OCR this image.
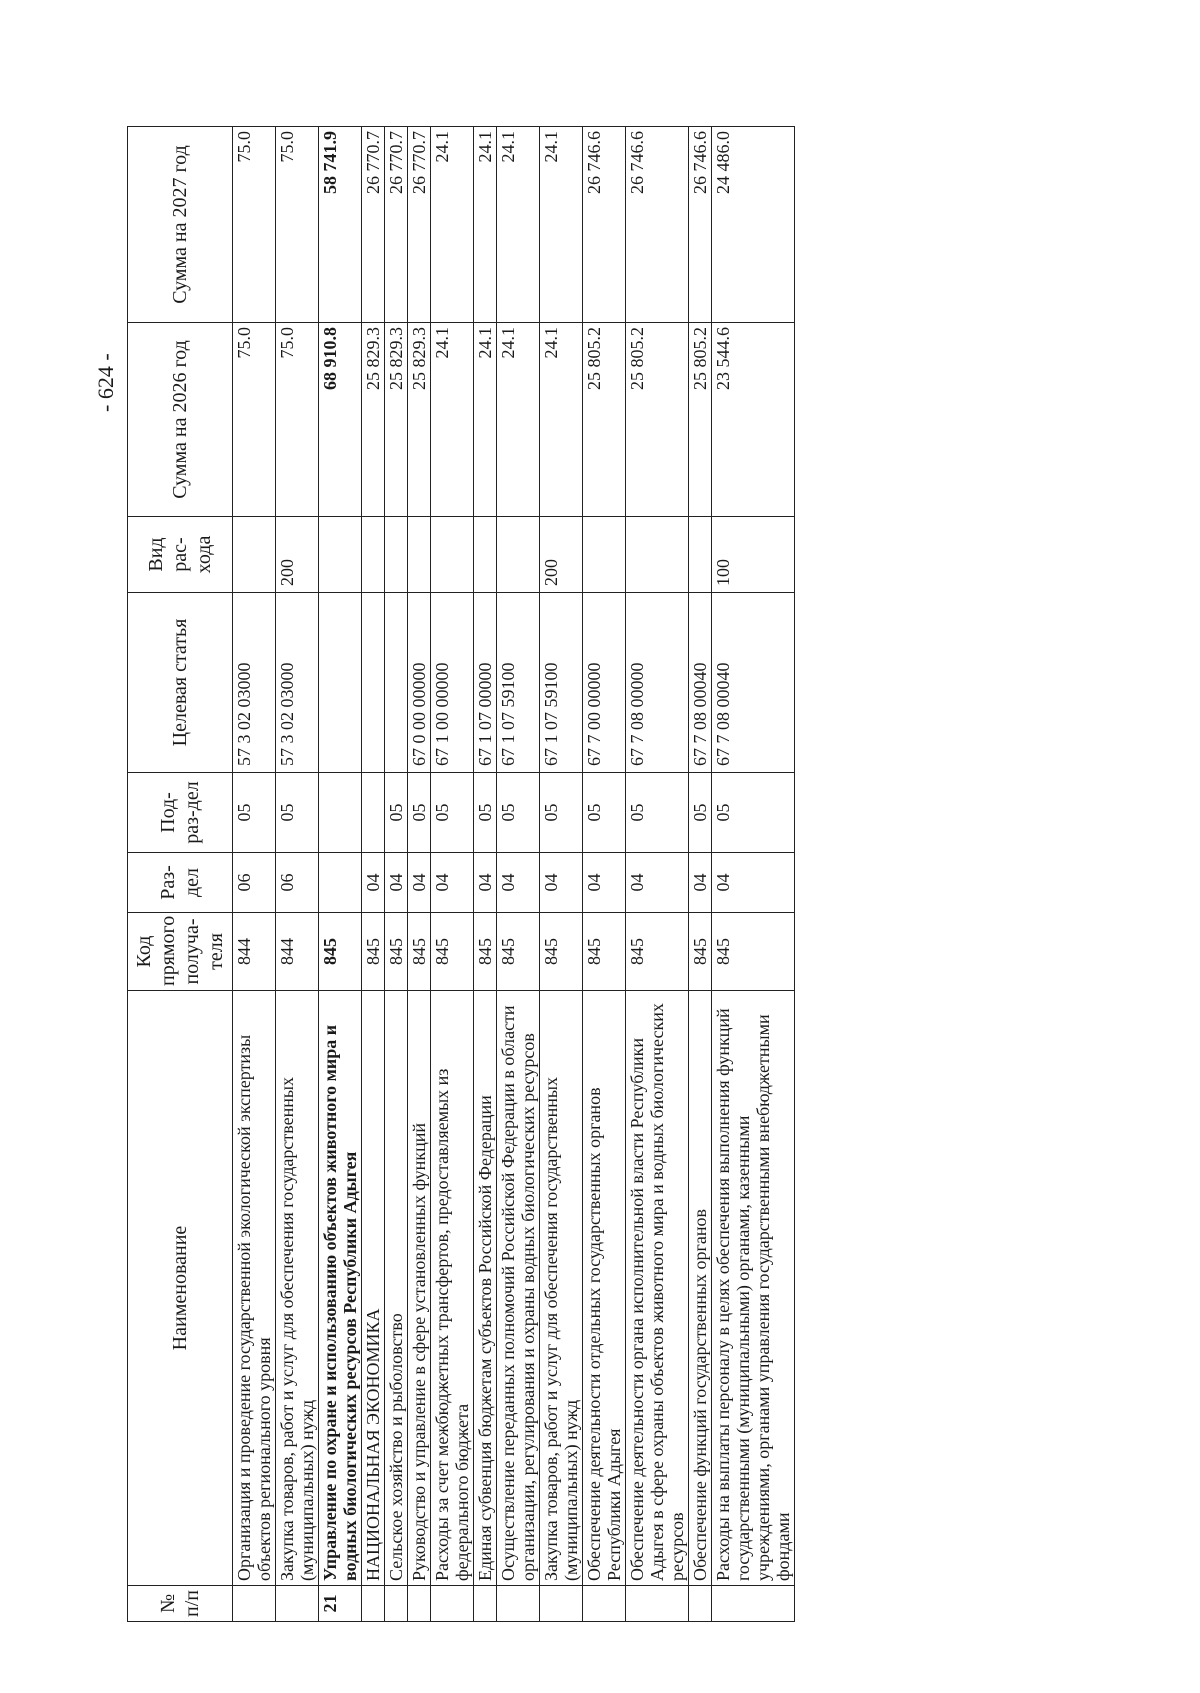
- 624 -
№ п/п	Наименование	Код прямого получа-теля	Раз-дел	Под-раз-дел	Целевая статья	Вид рас-хода	Сумма на 2026 год	Сумма на 2027 год
	Организация и проведение государственной экологической экспертизы объектов регионального уровня	844	06	05	57 3 02 03000		75.0	75.0
	Закупка товаров, работ и услуг для обеспечения государственных (муниципальных) нужд	844	06	05	57 3 02 03000	200	75.0	75.0
21	Управление по охране и использованию объектов животного мира и водных биологических ресурсов Республики Адыгея	845					68 910.8	58 741.9
	НАЦИОНАЛЬНАЯ ЭКОНОМИКА	845	04				25 829.3	26 770.7
	Сельское хозяйство и рыболовство	845	04	05			25 829.3	26 770.7
	Руководство и управление в сфере установленных функций	845	04	05	67 0 00 00000		25 829.3	26 770.7
	Расходы за счет межбюджетных трансфертов, предоставляемых из федерального бюджета	845	04	05	67 1 00 00000		24.1	24.1
	Единая субвенция бюджетам субъектов Российской Федерации	845	04	05	67 1 07 00000		24.1	24.1
	Осуществление переданных полномочий Российской Федерации в области организации, регулирования и охраны водных биологических ресурсов	845	04	05	67 1 07 59100		24.1	24.1
	Закупка товаров, работ и услуг для обеспечения государственных (муниципальных) нужд	845	04	05	67 1 07 59100	200	24.1	24.1
	Обеспечение деятельности отдельных государственных органов Республики Адыгея	845	04	05	67 7 00 00000		25 805.2	26 746.6
	Обеспечение деятельности органа исполнительной власти Республики Адыгея в сфере охраны объектов животного мира и водных биологических ресурсов	845	04	05	67 7 08 00000		25 805.2	26 746.6
	Обеспечение функций государственных органов	845	04	05	67 7 08 00040		25 805.2	26 746.6
	Расходы на выплаты персоналу в целях обеспечения выполнения функций государственными (муниципальными) органами, казенными учреждениями, органами управления государственными внебюджетными фондами	845	04	05	67 7 08 00040	100	23 544.6	24 486.0
